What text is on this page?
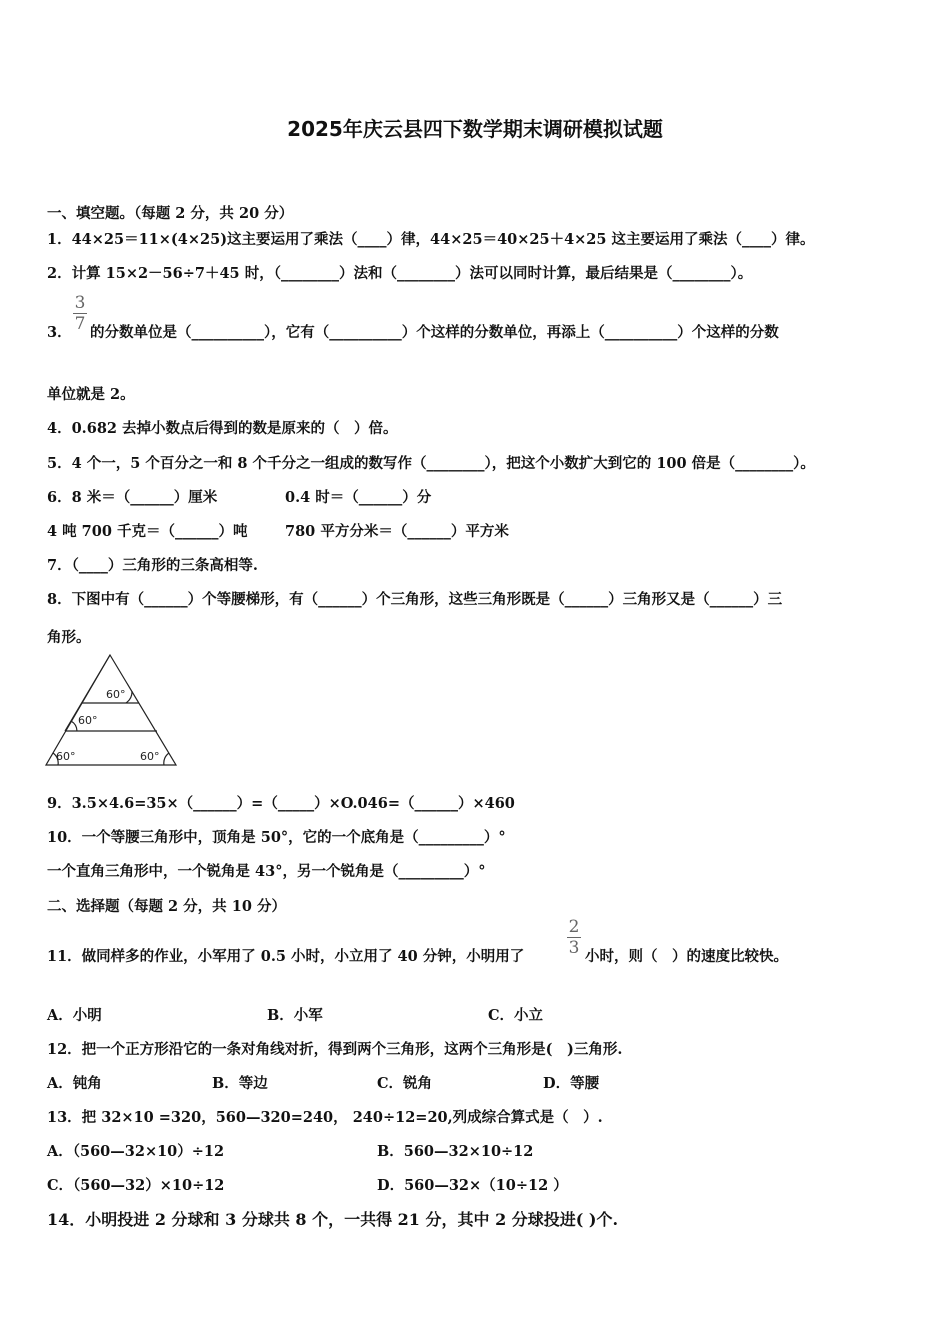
2025年庆云县四下数学期末调研模拟试题
一、填空题。（每题 2 分，共 20 分）
1．44×25＝11×(4×25)这主要运用了乘法（____）律，44×25＝40×25＋4×25 这主要运用了乘法（____）律。
2．计算 15×2－56÷7＋45 时，（________）法和（________）法可以同时计算，最后结果是（________）。
3．
3
7 的分数单位是（__________），它有（__________）个这样的分数单位，再添上（__________）个这样的分数
单位就是 2。
4．0.682 去掉小数点后得到的数是原来的（　）倍。
5．4 个一，5 个百分之一和 8 个千分之一组成的数写作（________），把这个小数扩大到它的 100 倍是（________）。
6．8 米＝（______）厘米	0.4 时＝（______）分
4 吨 700 千克＝（______）吨	780 平方分米＝（______）平方米
7．（____）三角形的三条高相等.
8．下图中有（______）个等腰梯形，有（______）个三角形，这些三角形既是（______）三角形又是（______）三
角形。
60°
60°
60°	60°
9．3.5×4.6=35×（______）=（_____）×O.046=（______）×460
10．一个等腰三角形中，顶角是 50°，它的一个底角是（_________）°
一个直角三角形中，一个锐角是 43°，另一个锐角是（_________）°
二、选择题（每题 2 分，共 10 分）
11．做同样多的作业，小军用了 0.5 小时，小立用了 40 分钟，小明用了
2
3 小时，则（　）的速度比较快。
A．小明	B．小军	C．小立
12．把一个正方形沿它的一条对角线对折，得到两个三角形，这两个三角形是(　)三角形.
A．钝角	B．等边	C．锐角	D．等腰
13．把 32×10 =320，560—320=240， 240÷12=20,列成综合算式是（　）.
A．（560—32×10）÷12	B．560—32×10÷12
C．（560—32）×10÷12	D．560—32×（10÷12 ）
14．小明投进 2 分球和 3 分球共 8 个，一共得 21 分，其中 2 分球投进( )个.
